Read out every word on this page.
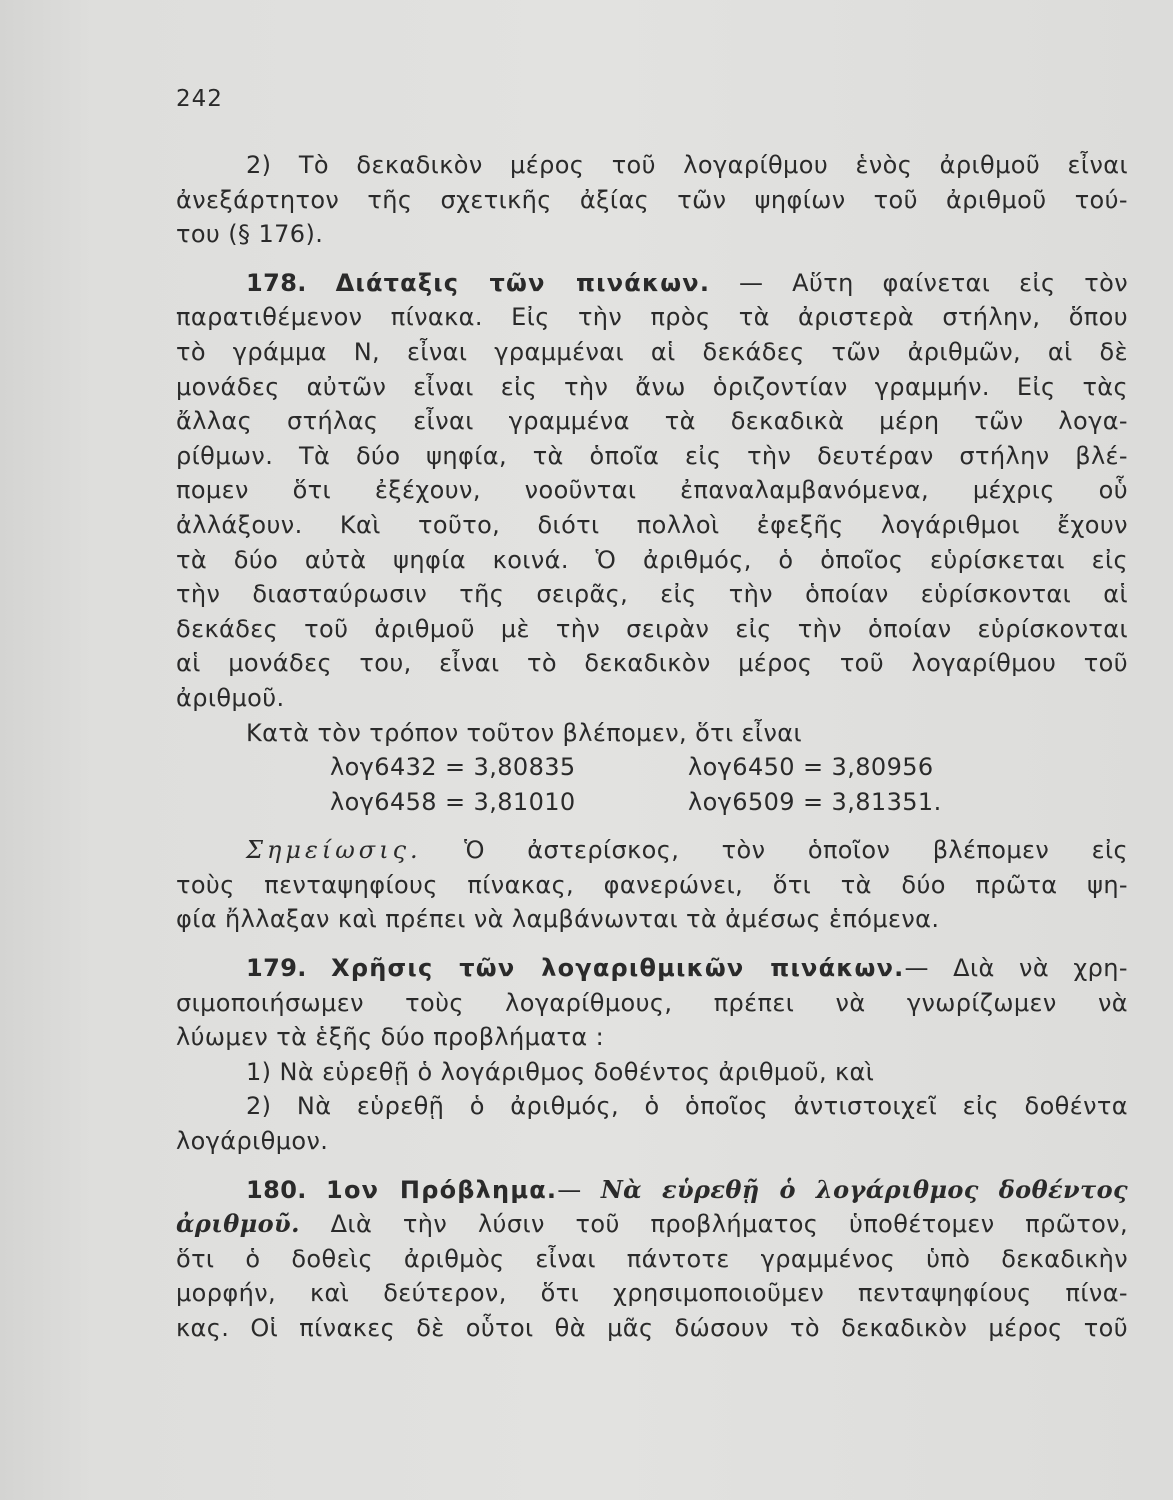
242
2) Τὸ δεκαδικὸν μέρος τοῦ λογαρίθμου ἑνὸς ἀριθμοῦ εἶναι
ἀνεξάρτητον τῆς σχετικῆς ἀξίας τῶν ψηφίων τοῦ ἀριθμοῦ τού-
του (§ 176).
178. Διάταξις τῶν πινάκων. — Αὕτη φαίνεται εἰς τὸν
παρατιθέμενον πίνακα. Εἰς τὴν πρὸς τὰ ἀριστερὰ στήλην, ὅπου
τὸ γράμμα Ν, εἶναι γραμμέναι αἱ δεκάδες τῶν ἀριθμῶν, αἱ δὲ
μονάδες αὐτῶν εἶναι εἰς τὴν ἄνω ὁριζοντίαν γραμμήν. Εἰς τὰς
ἄλλας στήλας εἶναι γραμμένα τὰ δεκαδικὰ μέρη τῶν λογα-
ρίθμων. Τὰ δύο ψηφία, τὰ ὁποῖα εἰς τὴν δευτέραν στήλην βλέ-
πομεν ὅτι ἐξέχουν, νοοῦνται ἐπαναλαμβανόμενα, μέχρις οὗ
ἀλλάξουν. Καὶ τοῦτο, διότι πολλοὶ ἐφεξῆς λογάριθμοι ἔχουν
τὰ δύο αὐτὰ ψηφία κοινά. Ὁ ἀριθμός, ὁ ὁποῖος εὑρίσκεται εἰς
τὴν διασταύρωσιν τῆς σειρᾶς, εἰς τὴν ὁποίαν εὑρίσκονται αἱ
δεκάδες τοῦ ἀριθμοῦ μὲ τὴν σειρὰν εἰς τὴν ὁποίαν εὑρίσκονται
αἱ μονάδες του, εἶναι τὸ δεκαδικὸν μέρος τοῦ λογαρίθμου τοῦ
ἀριθμοῦ.
Κατὰ τὸν τρόπον τοῦτον βλέπομεν, ὅτι εἶναι
λογ6432 = 3,80835	λογ6450 = 3,80956
λογ6458 = 3,81010	λογ6509 = 3,81351.
Σημείωσις. Ὁ ἀστερίσκος, τὸν ὁποῖον βλέπομεν εἰς
τοὺς πενταψηφίους πίνακας, φανερώνει, ὅτι τὰ δύο πρῶτα ψη-
φία ἤλλαξαν καὶ πρέπει νὰ λαμβάνωνται τὰ ἀμέσως ἑπόμενα.
179. Χρῆσις τῶν λογαριθμικῶν πινάκων.— Διὰ νὰ χρη-
σιμοποιήσωμεν τοὺς λογαρίθμους, πρέπει νὰ γνωρίζωμεν νὰ
λύωμεν τὰ ἑξῆς δύο προβλήματα :
1) Νὰ εὑρεθῇ ὁ λογάριθμος δοθέντος ἀριθμοῦ, καὶ
2) Νὰ εὑρεθῇ ὁ ἀριθμός, ὁ ὁποῖος ἀντιστοιχεῖ εἰς δοθέντα
λογάριθμον.
180. 1ον Πρόβλημα.— Νὰ εὑρεθῇ ὁ λογάριθμος δοθέντος
ἀριθμοῦ. Διὰ τὴν λύσιν τοῦ προβλήματος ὑποθέτομεν πρῶτον,
ὅτι ὁ δοθεὶς ἀριθμὸς εἶναι πάντοτε γραμμένος ὑπὸ δεκαδικὴν
μορφήν, καὶ δεύτερον, ὅτι χρησιμοποιοῦμεν πενταψηφίους πίνα-
κας. Οἱ πίνακες δὲ οὗτοι θὰ μᾶς δώσουν τὸ δεκαδικὸν μέρος τοῦ
